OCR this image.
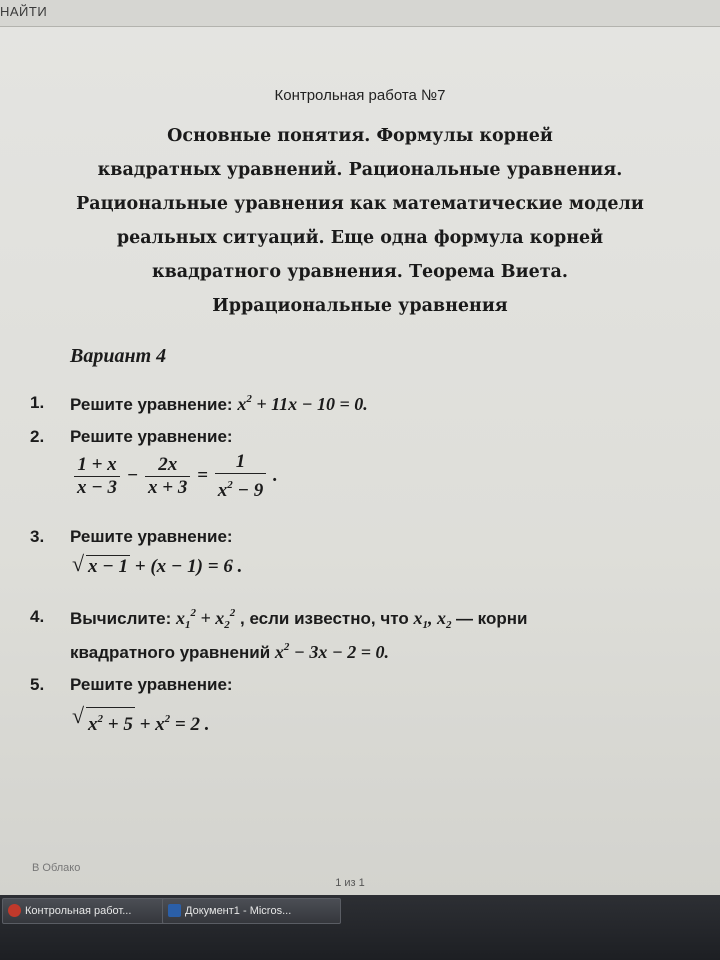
НАЙТИ
Контрольная работа №7
Основные понятия. Формулы корней
квадратных уравнений. Рациональные уравнения.
Рациональные уравнения как математические модели
реальных ситуаций. Еще одна формула корней
квадратного уравнения. Теорема Виета.
Иррациональные уравнения
Вариант 4
1.	Решите уравнение: $x^2 + 11x - 10 = 0$.
2.	Решите уравнение:
$\frac{1 + x}{x - 3} - \frac{2x}{x + 3} = \frac{1}{x^2 - 9}$ .
3.	Решите уравнение:
√ x − 1 + (x − 1) = 6 .
4.	Вычислите: $x_1^2 + x_2^2$ , если известно, что $x_1$, $x_2$ — корни
квадратного уравнений $x^2 - 3x - 2 = 0$.
5.	Решите уравнение:
√ $x^2 + 5 + x^2 = 2$ .
В Облако
1 из 1
Контрольная работ...	Документ1 - Micros...
